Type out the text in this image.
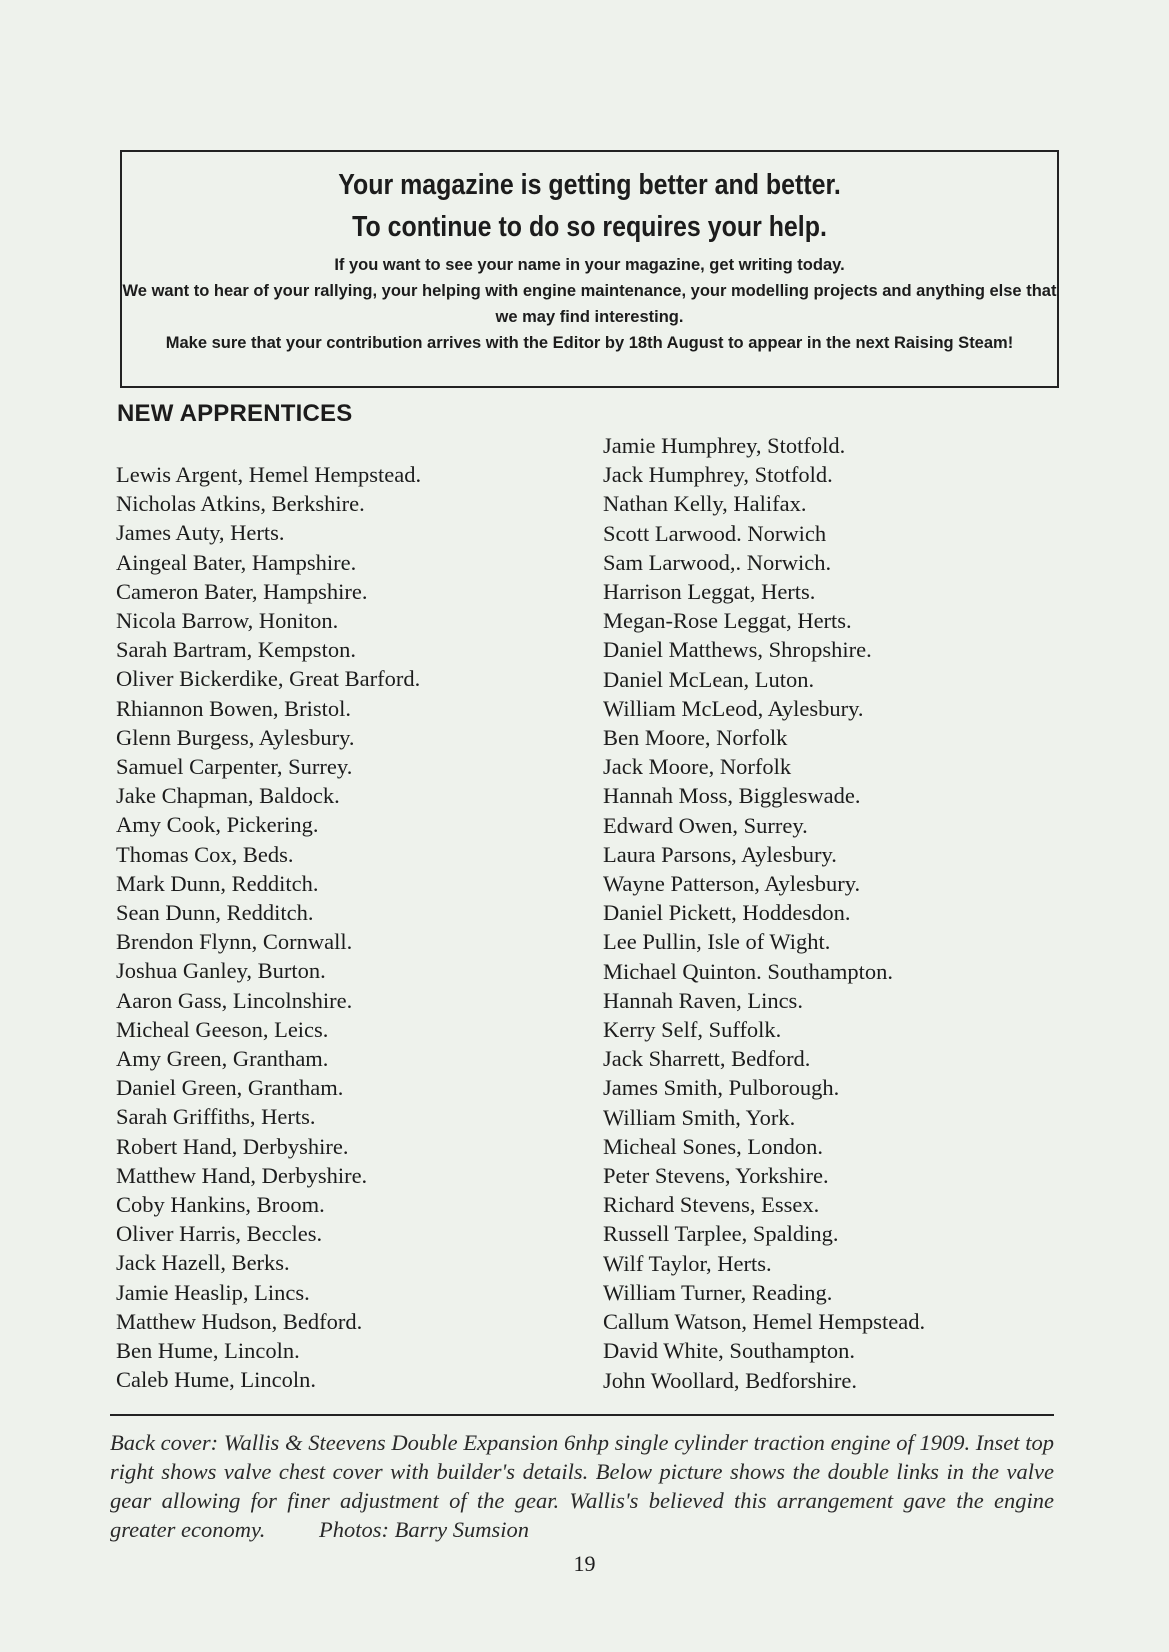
Your magazine is getting better and better.
To continue to do so requires your help.
If you want to see your name in your magazine, get writing today.
We want to hear of your rallying, your helping with engine maintenance, your modelling projects and anything else that we may find interesting.
Make sure that your contribution arrives with the Editor by 18th August to appear in the next Raising Steam!
NEW APPRENTICES
Lewis Argent, Hemel Hempstead.
Nicholas Atkins, Berkshire.
James Auty, Herts.
Aingeal Bater, Hampshire.
Cameron Bater, Hampshire.
Nicola Barrow, Honiton.
Sarah Bartram, Kempston.
Oliver Bickerdike, Great Barford.
Rhiannon Bowen, Bristol.
Glenn Burgess, Aylesbury.
Samuel Carpenter, Surrey.
Jake Chapman, Baldock.
Amy Cook, Pickering.
Thomas Cox, Beds.
Mark Dunn, Redditch.
Sean Dunn, Redditch.
Brendon Flynn, Cornwall.
Joshua Ganley, Burton.
Aaron Gass, Lincolnshire.
Micheal Geeson, Leics.
Amy Green, Grantham.
Daniel Green, Grantham.
Sarah Griffiths, Herts.
Robert Hand, Derbyshire.
Matthew Hand, Derbyshire.
Coby Hankins, Broom.
Oliver Harris, Beccles.
Jack Hazell, Berks.
Jamie Heaslip, Lincs.
Matthew Hudson, Bedford.
Ben Hume, Lincoln.
Caleb Hume, Lincoln.
Jamie Humphrey, Stotfold.
Jack Humphrey, Stotfold.
Nathan Kelly, Halifax.
Scott Larwood. Norwich
Sam Larwood,. Norwich.
Harrison Leggat, Herts.
Megan-Rose Leggat, Herts.
Daniel Matthews, Shropshire.
Daniel McLean, Luton.
William McLeod, Aylesbury.
Ben Moore, Norfolk
Jack Moore, Norfolk
Hannah Moss, Biggleswade.
Edward Owen, Surrey.
Laura Parsons, Aylesbury.
Wayne Patterson, Aylesbury.
Daniel Pickett, Hoddesdon.
Lee Pullin, Isle of Wight.
Michael Quinton. Southampton.
Hannah Raven, Lincs.
Kerry Self, Suffolk.
Jack Sharrett, Bedford.
James Smith, Pulborough.
William Smith, York.
Micheal Sones, London.
Peter Stevens, Yorkshire.
Richard Stevens, Essex.
Russell Tarplee, Spalding.
Wilf Taylor, Herts.
William Turner, Reading.
Callum Watson, Hemel Hempstead.
David White, Southampton.
John Woollard, Bedforshire.
Back cover: Wallis & Steevens Double Expansion 6nhp single cylinder traction engine of 1909. Inset top right shows valve chest cover with builder's details. Below picture shows the double links in the valve gear allowing for finer adjustment of the gear. Wallis's believed this arrangement gave the engine greater economy. Photos: Barry Sumsion
19
